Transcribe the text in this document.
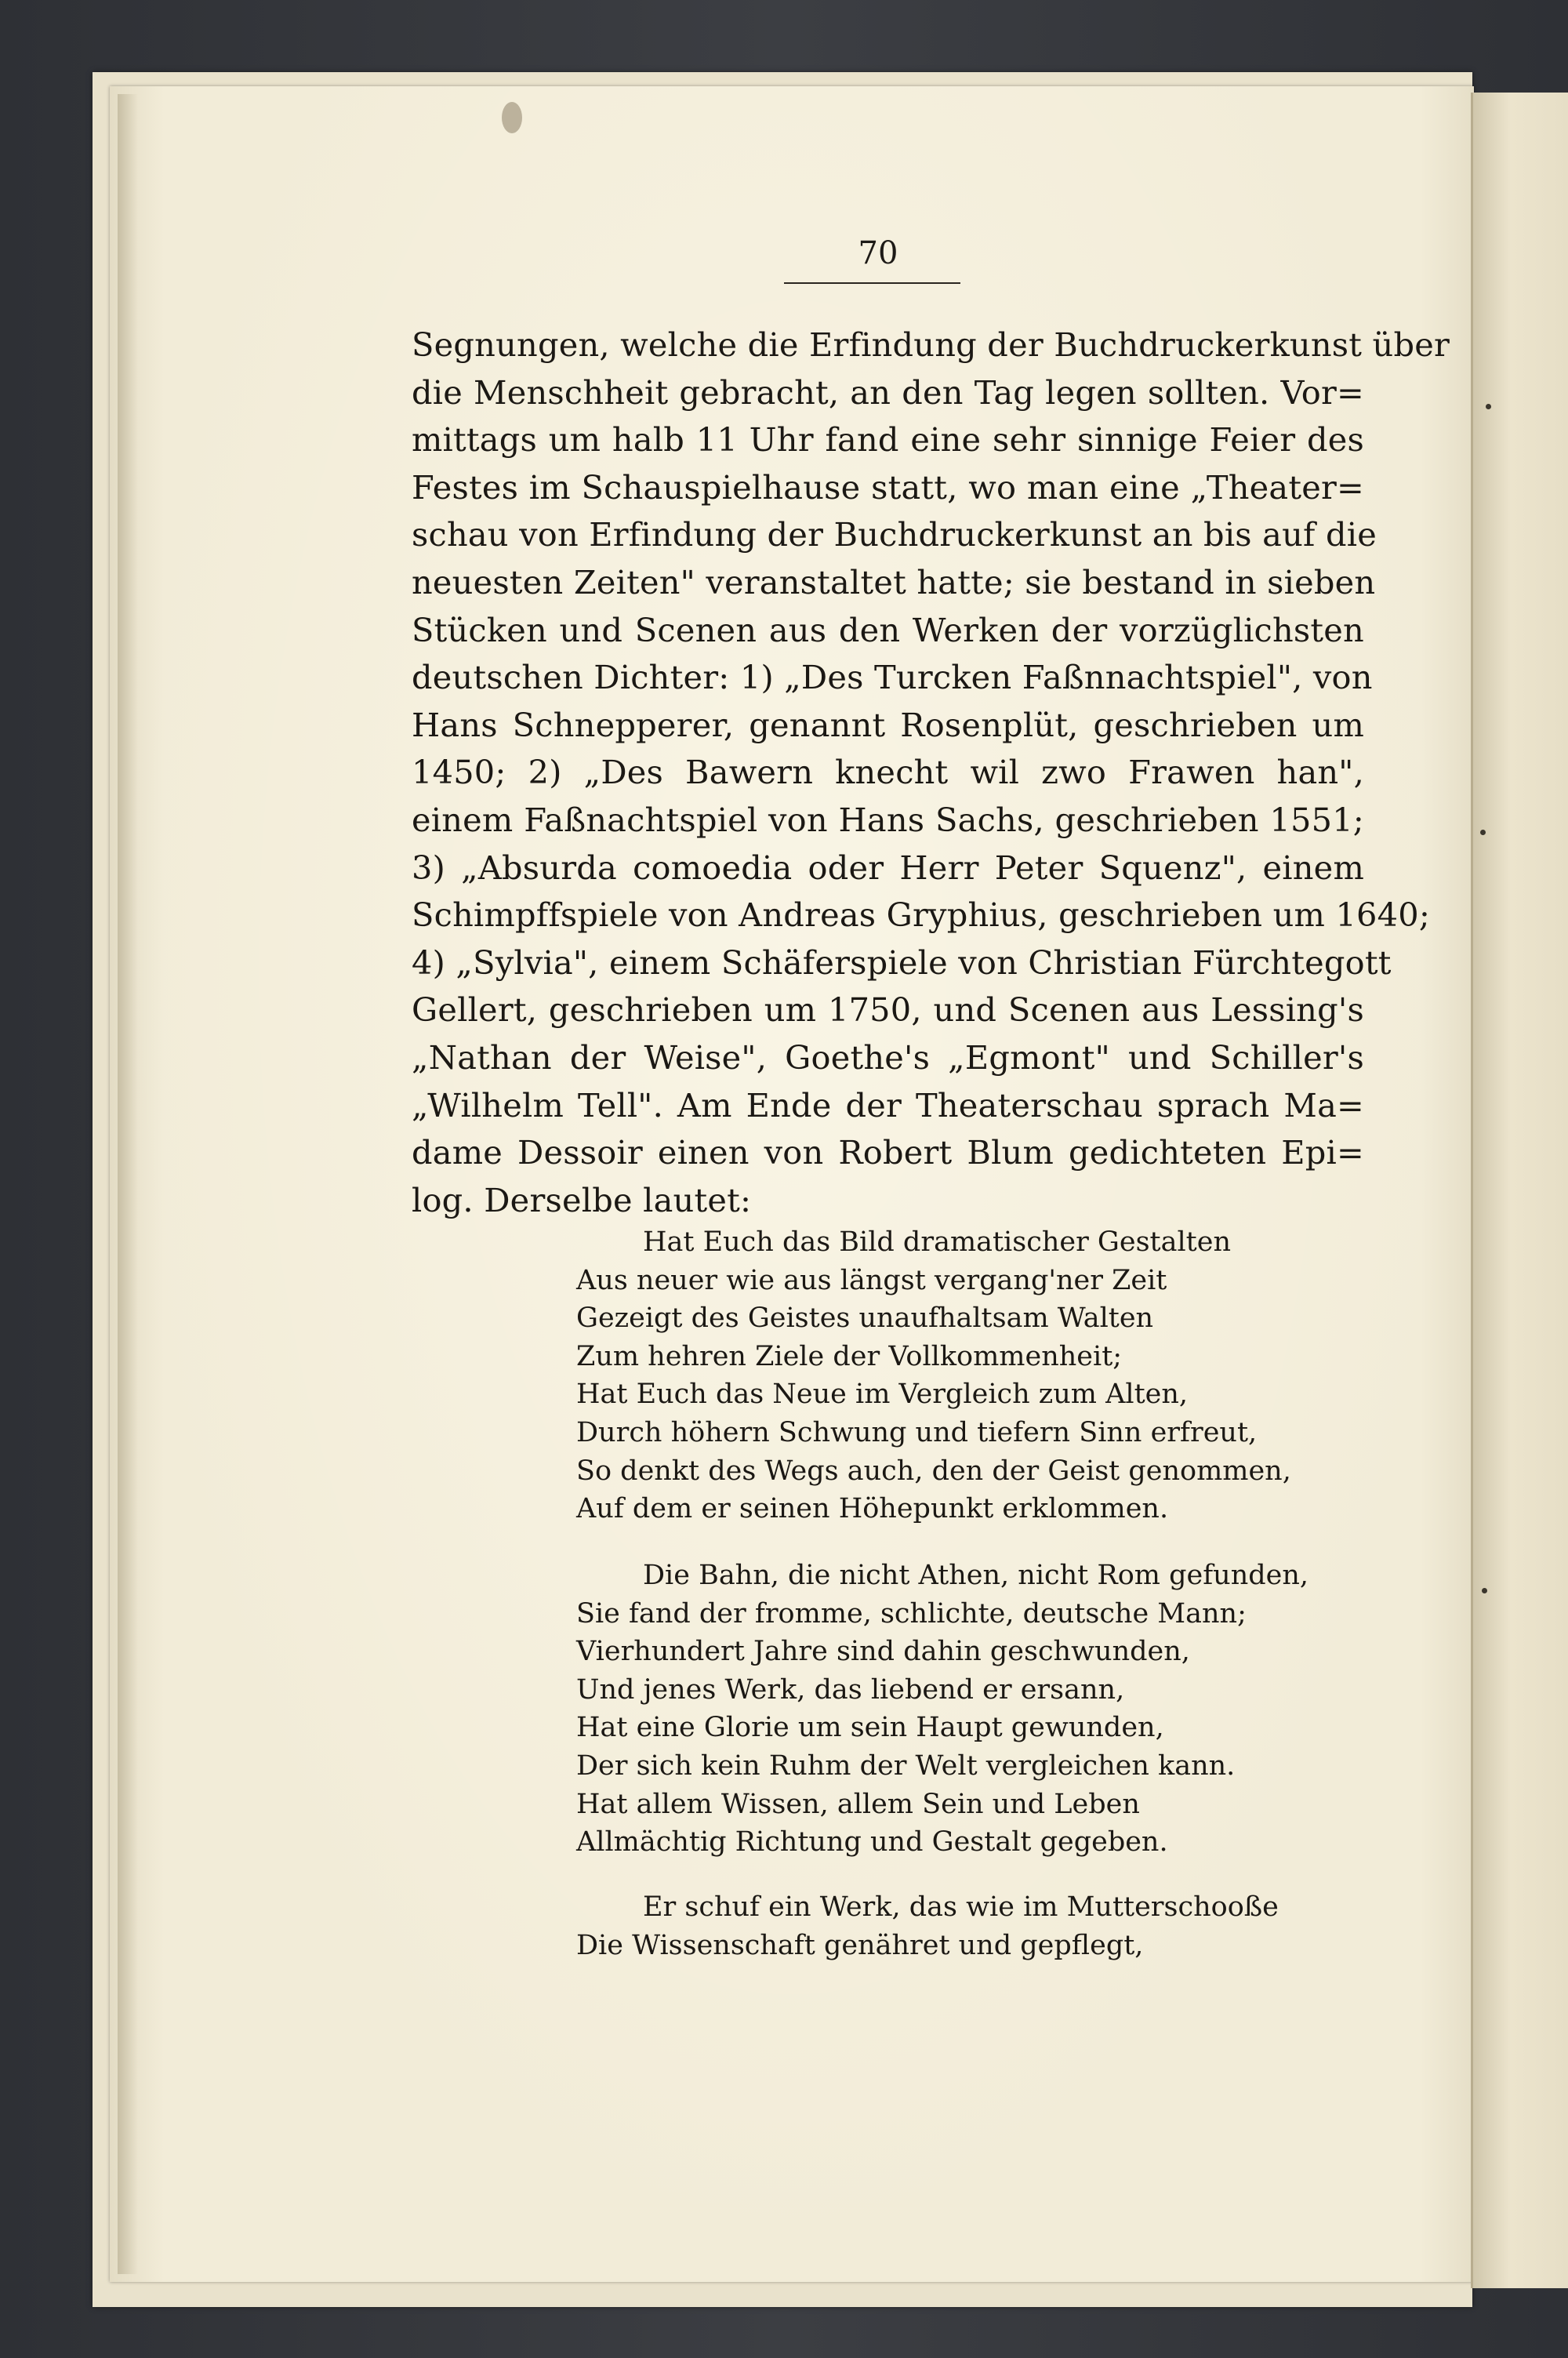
70
Segnungen, welche die Erfindung der Buchdruckerkunst über
die Menschheit gebracht, an den Tag legen sollten. Vor=
mittags um halb 11 Uhr fand eine sehr sinnige Feier des
Festes im Schauspielhause statt, wo man eine „Theater=
schau von Erfindung der Buchdruckerkunst an bis auf die
neuesten Zeiten" veranstaltet hatte; sie bestand in sieben
Stücken und Scenen aus den Werken der vorzüglichsten
deutschen Dichter: 1) „Des Turcken Faßnnachtspiel", von
Hans Schnepperer, genannt Rosenplüt, geschrieben um
1450; 2) „Des Bawern knecht wil zwo Frawen han",
einem Faßnachtspiel von Hans Sachs, geschrieben 1551;
3) „Absurda comoedia oder Herr Peter Squenz", einem
Schimpffspiele von Andreas Gryphius, geschrieben um 1640;
4) „Sylvia", einem Schäferspiele von Christian Fürchtegott
Gellert, geschrieben um 1750, und Scenen aus Lessing's
„Nathan der Weise", Goethe's „Egmont" und Schiller's
„Wilhelm Tell". Am Ende der Theaterschau sprach Ma=
dame Dessoir einen von Robert Blum gedichteten Epi=
log. Derselbe lautet:
Hat Euch das Bild dramatischer Gestalten
Aus neuer wie aus längst vergang'ner Zeit
Gezeigt des Geistes unaufhaltsam Walten
Zum hehren Ziele der Vollkommenheit;
Hat Euch das Neue im Vergleich zum Alten,
Durch höhern Schwung und tiefern Sinn erfreut,
So denkt des Wegs auch, den der Geist genommen,
Auf dem er seinen Höhepunkt erklommen.
Die Bahn, die nicht Athen, nicht Rom gefunden,
Sie fand der fromme, schlichte, deutsche Mann;
Vierhundert Jahre sind dahin geschwunden,
Und jenes Werk, das liebend er ersann,
Hat eine Glorie um sein Haupt gewunden,
Der sich kein Ruhm der Welt vergleichen kann.
Hat allem Wissen, allem Sein und Leben
Allmächtig Richtung und Gestalt gegeben.
Er schuf ein Werk, das wie im Mutterschooße
Die Wissenschaft genähret und gepflegt,
